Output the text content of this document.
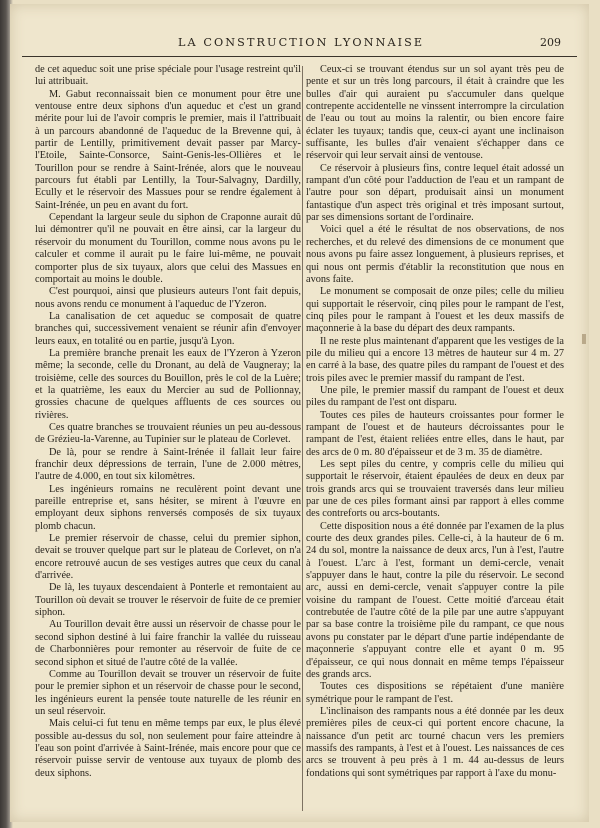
LA CONSTRUCTION LYONNAISE	209

de cet aqueduc soit une prise spéciale pour l'usage restreint qu'il lui attribuait.

M. Gabut reconnaissait bien ce monument pour être une ventouse entre deux siphons d'un aqueduc et c'est un grand mérite pour lui de l'avoir compris le premier, mais il l'attribuait à un parcours abandonné de l'aqueduc de la Brevenne qui, à partir de Lentilly, primitivement devait passer par Marcy-l'Etoile, Sainte-Consorce, Saint-Genis-les-Ollières et le Tourillon pour se rendre à Saint-Irénée, alors que le nouveau parcours fut établi par Lentilly, la Tour-Salvagny, Dardilly, Ecully et le réservoir des Massues pour se rendre également à Saint-Irénée, un peu en avant du fort.

Cependant la largeur seule du siphon de Craponne aurait dû lui démontrer qu'il ne pouvait en être ainsi, car la largeur du réservoir du monument du Tourillon, comme nous avons pu le calculer et comme il aurait pu le faire lui-même, ne pouvait comporter plus de six tuyaux, alors que celui des Massues en comportait au moins le double.

C'est pourquoi, ainsi que plusieurs auteurs l'ont fait depuis, nous avons rendu ce monument à l'aqueduc de l'Yzeron.

La canalisation de cet aqueduc se composait de quatre branches qui, successivement venaient se réunir afin d'envoyer leurs eaux, en totalité ou en partie, jusqu'à Lyon.

La première branche prenait les eaux de l'Yzeron à Yzeron même; la seconde, celle du Dronant, au delà de Vaugneray; la troisième, celle des sources du Bouillon, près le col de la Luère; et la quatrième, les eaux du Mercier au sud de Pollionnay, grossies chacune de quelques affluents de ces sources ou rivières.

Ces quatre branches se trouvaient réunies un peu au-dessous de Grézieu-la-Varenne, au Tupinier sur le plateau de Corlevet.

De là, pour se rendre à Saint-Irénée il fallait leur faire franchir deux dépressions de terrain, l'une de 2.000 mètres, l'autre de 4.000, en tout six kilomètres.

Les ingénieurs romains ne reculèrent point devant une pareille entreprise et, sans hésiter, se mirent à l'œuvre en employant deux siphons renversés composés de six tuyaux plomb chacun.

Le premier réservoir de chasse, celui du premier siphon, devait se trouver quelque part sur le plateau de Corlevet, on n'a encore retrouvé aucun de ses vestiges autres que ceux du canal d'arrivée.

De là, les tuyaux descendaient à Ponterle et remontaient au Tourillon où devait se trouver le réservoir de fuite de ce premier siphon.

Au Tourillon devait être aussi un réservoir de chasse pour le second siphon destiné à lui faire franchir la vallée du ruisseau de Charbonnières pour remonter au réservoir de fuite de ce second siphon et situé de l'autre côté de la vallée.

Comme au Tourillon devait se trouver un réservoir de fuite pour le premier siphon et un réservoir de chasse pour le second, les ingénieurs eurent la pensée toute naturelle de les réunir en un seul réservoir.

Mais celui-ci fut tenu en même temps par eux, le plus élevé possible au-dessus du sol, non seulement pour faire atteindre à l'eau son point d'arrivée à Saint-Irénée, mais encore pour que ce réservoir puisse servir de ventouse aux tuyaux de plomb des deux siphons.

Ceux-ci se trouvant étendus sur un sol ayant très peu de pente et sur un très long parcours, il était à craindre que les bulles d'air qui auraient pu s'accumuler dans quelque contrepente accidentelle ne vinssent interrompre la circulation de l'eau ou tout au moins la ralentir, ou bien encore faire éclater les tuyaux; tandis que, ceux-ci ayant une inclinaison suffisante, les bulles d'air venaient s'échapper dans ce réservoir qui leur servait ainsi de ventouse.

Ce réservoir à plusieurs fins, contre lequel était adossé un rampant d'un côté pour l'adduction de l'eau et un rampant de l'autre pour son départ, produisait ainsi un monument fantastique d'un aspect très original et très imposant surtout, par ses dimensions sortant de l'ordinaire.

Voici quel a été le résultat de nos observations, de nos recherches, et du relevé des dimensions de ce monument que nous avons pu faire assez longuement, à plusieurs reprises, et qui nous ont permis d'établir la reconstitution que nous en avons faite.

Le monument se composait de onze piles; celle du milieu qui supportait le réservoir, cinq piles pour le rampant de l'est, cinq piles pour le rampant à l'ouest et les deux massifs de maçonnerie à la base du départ des deux rampants.

Il ne reste plus maintenant d'apparent que les vestiges de la pile du milieu qui a encore 13 mètres de hauteur sur 4 m. 27 en carré à la base, des quatre piles du rampant de l'ouest et des trois piles avec le premier massif du rampant de l'est.

Une pile, le premier massif du rampant de l'ouest et deux piles du rampant de l'est ont disparu.

Toutes ces piles de hauteurs croissantes pour former le rampant de l'ouest et de hauteurs décroissantes pour le rampant de l'est, étaient reliées entre elles, dans le haut, par des arcs de 0 m. 80 d'épaisseur et de 3 m. 35 de diamètre.

Les sept piles du centre, y compris celle du milieu qui supportait le réservoir, étaient épaulées de deux en deux par trois grands arcs qui se trouvaient traversés dans leur milieu par une de ces piles formant ainsi par rapport à elles comme des contreforts ou arcs-boutants.

Cette disposition nous a été donnée par l'examen de la plus courte des deux grandes piles. Celle-ci, à la hauteur de 6 m. 24 du sol, montre la naissance de deux arcs, l'un à l'est, l'autre à l'ouest. L'arc à l'est, formant un demi-cercle, venait s'appuyer dans le haut, contre la pile du réservoir. Le second arc, aussi en demi-cercle, venait s'appuyer contre la pile voisine du rampant de l'ouest. Cette moitié d'arceau était contrebutée de l'autre côté de la pile par une autre s'appuyant par sa base contre la troisième pile du rampant, ce que nous avons pu constater par le départ d'une partie indépendante de maçonnerie s'appuyant contre elle et ayant 0 m. 95 d'épaisseur, ce qui nous donnait en même temps l'épaisseur des grands arcs.

Toutes ces dispositions se répétaient d'une manière symétrique pour le rampant de l'est.

L'inclinaison des rampants nous a été donnée par les deux premières piles de ceux-ci qui portent encore chacune, la naissance d'un petit arc tourné chacun vers les premiers massifs des rampants, à l'est et à l'ouest. Les naissances de ces arcs se trouvent à peu près à 1 m. 44 au-dessus de leurs fondations qui sont symétriques par rapport à l'axe du monu-
